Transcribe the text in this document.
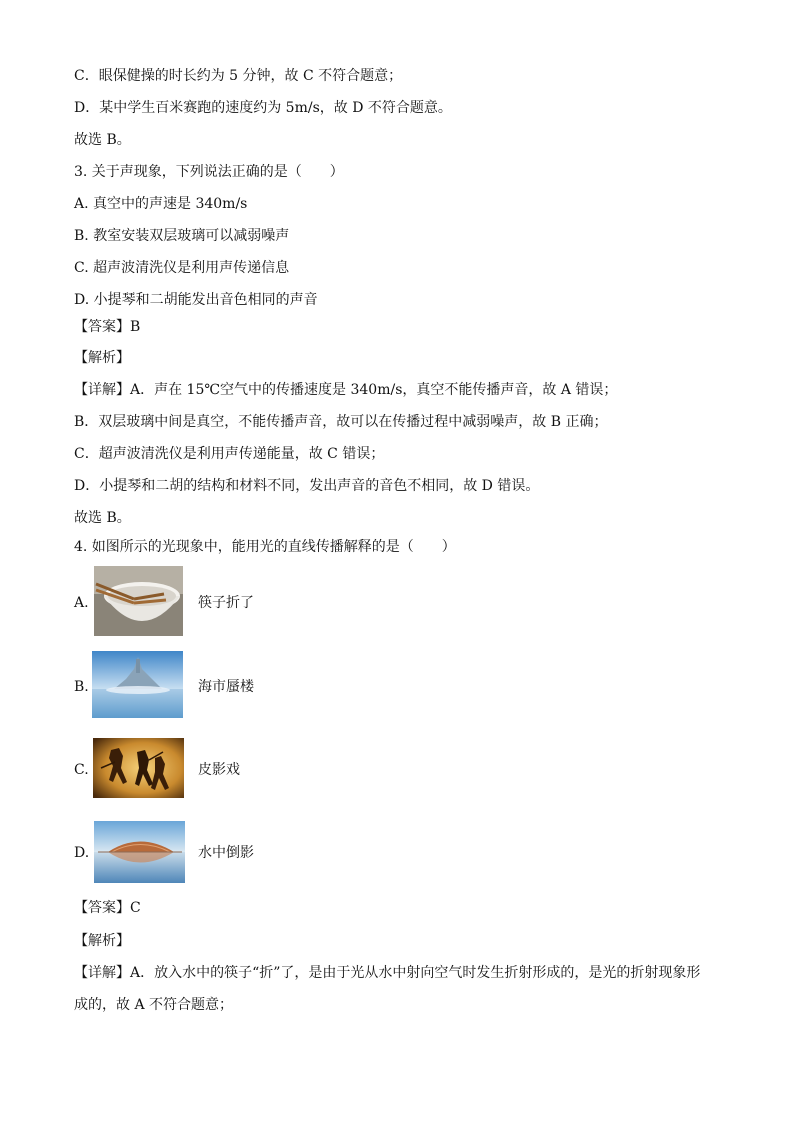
C．眼保健操的时长约为 5 分钟，故 C 不符合题意；
D．某中学生百米赛跑的速度约为 5m/s，故 D 不符合题意。
故选 B。
3. 关于声现象，下列说法正确的是（　　）
A. 真空中的声速是 340m/s
B. 教室安装双层玻璃可以减弱噪声
C. 超声波清洗仪是利用声传递信息
D. 小提琴和二胡能发出音色相同的声音
【答案】B
【解析】
【详解】A．声在 15℃空气中的传播速度是 340m/s，真空不能传播声音，故 A 错误；
B．双层玻璃中间是真空，不能传播声音，故可以在传播过程中减弱噪声，故 B 正确；
C．超声波清洗仪是利用声传递能量，故 C 错误；
D．小提琴和二胡的结构和材料不同，发出声音的音色不相同，故 D 错误。
故选 B。
4. 如图所示的光现象中，能用光的直线传播解释的是（　　）
A.	筷子折了
B.	海市蜃楼
C.	皮影戏
D.	水中倒影
【答案】C
【解析】
【详解】A．放入水中的筷子“折”了，是由于光从水中射向空气时发生折射形成的，是光的折射现象形成的，故 A 不符合题意；
